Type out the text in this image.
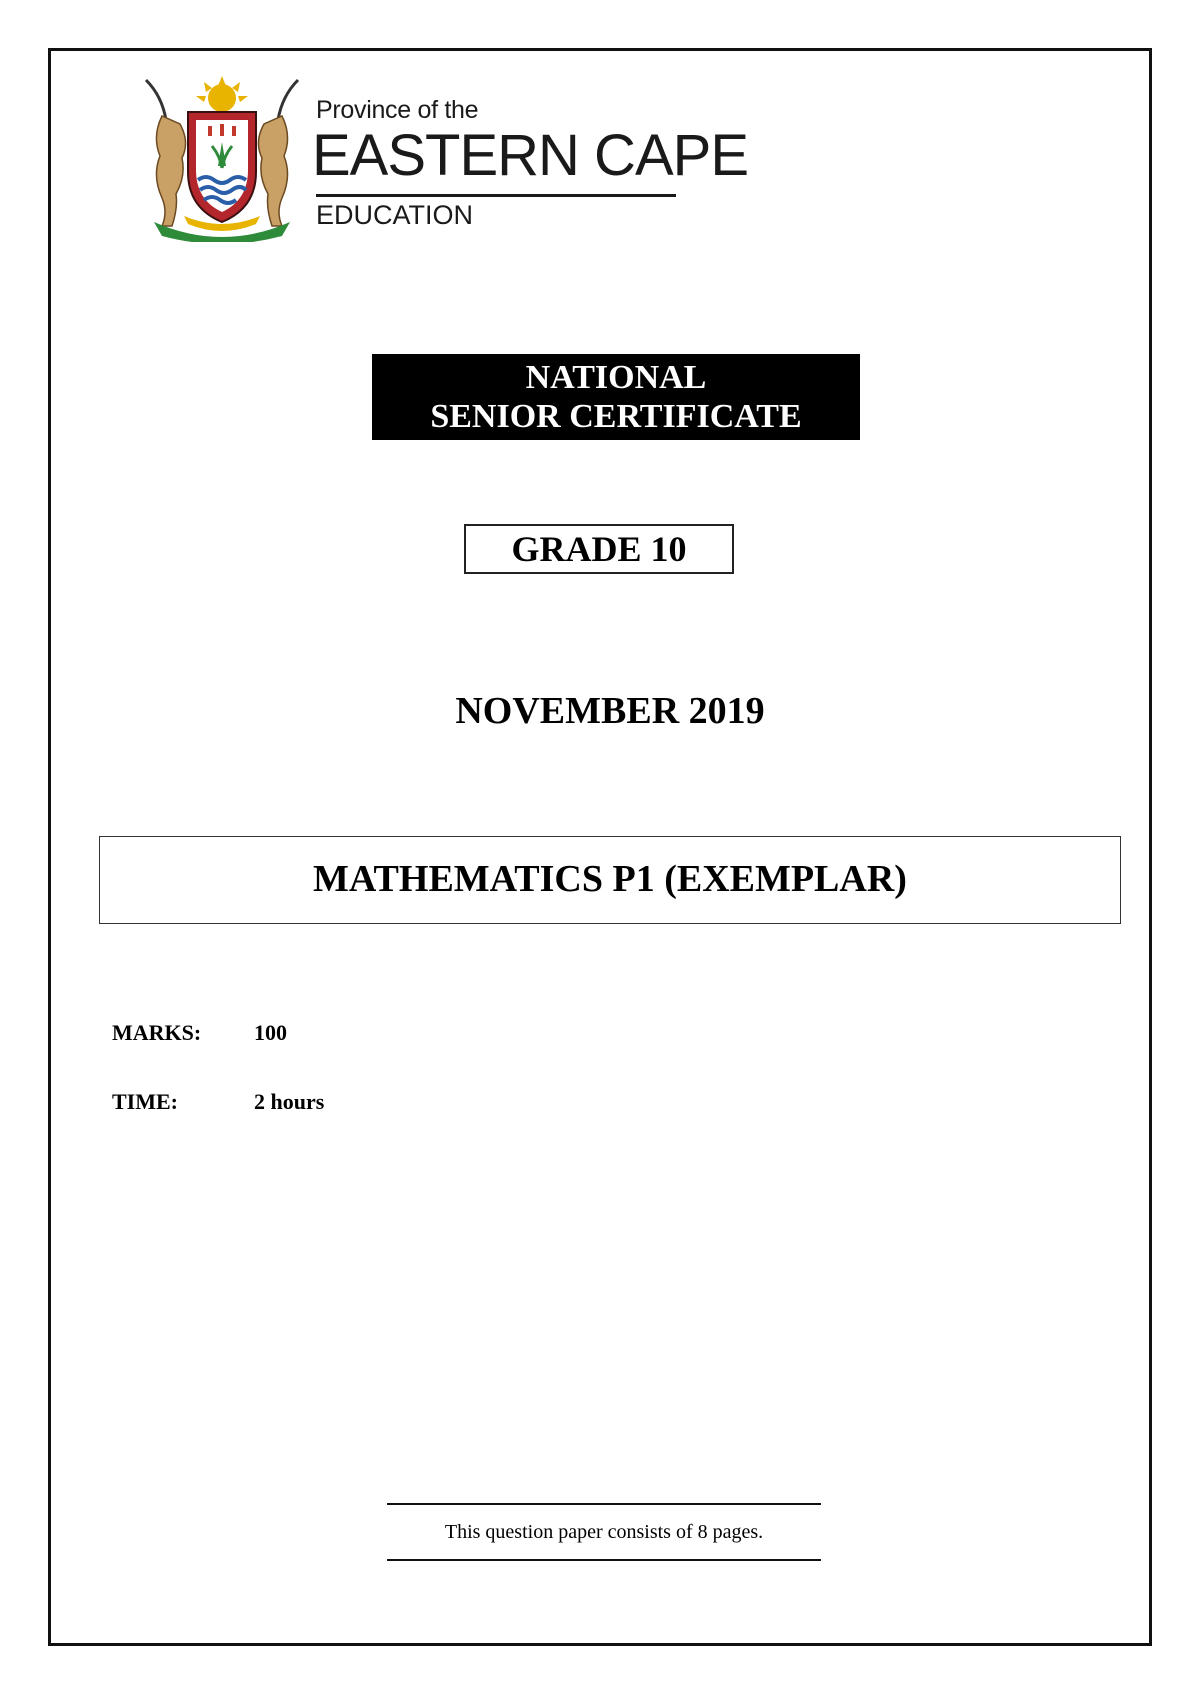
Province of the
EASTERN CAPE
EDUCATION
NATIONAL
SENIOR CERTIFICATE
GRADE 10
NOVEMBER 2019
MATHEMATICS P1 (EXEMPLAR)
MARKS: 100
TIME:	2 hours
This question paper consists of 8 pages.
